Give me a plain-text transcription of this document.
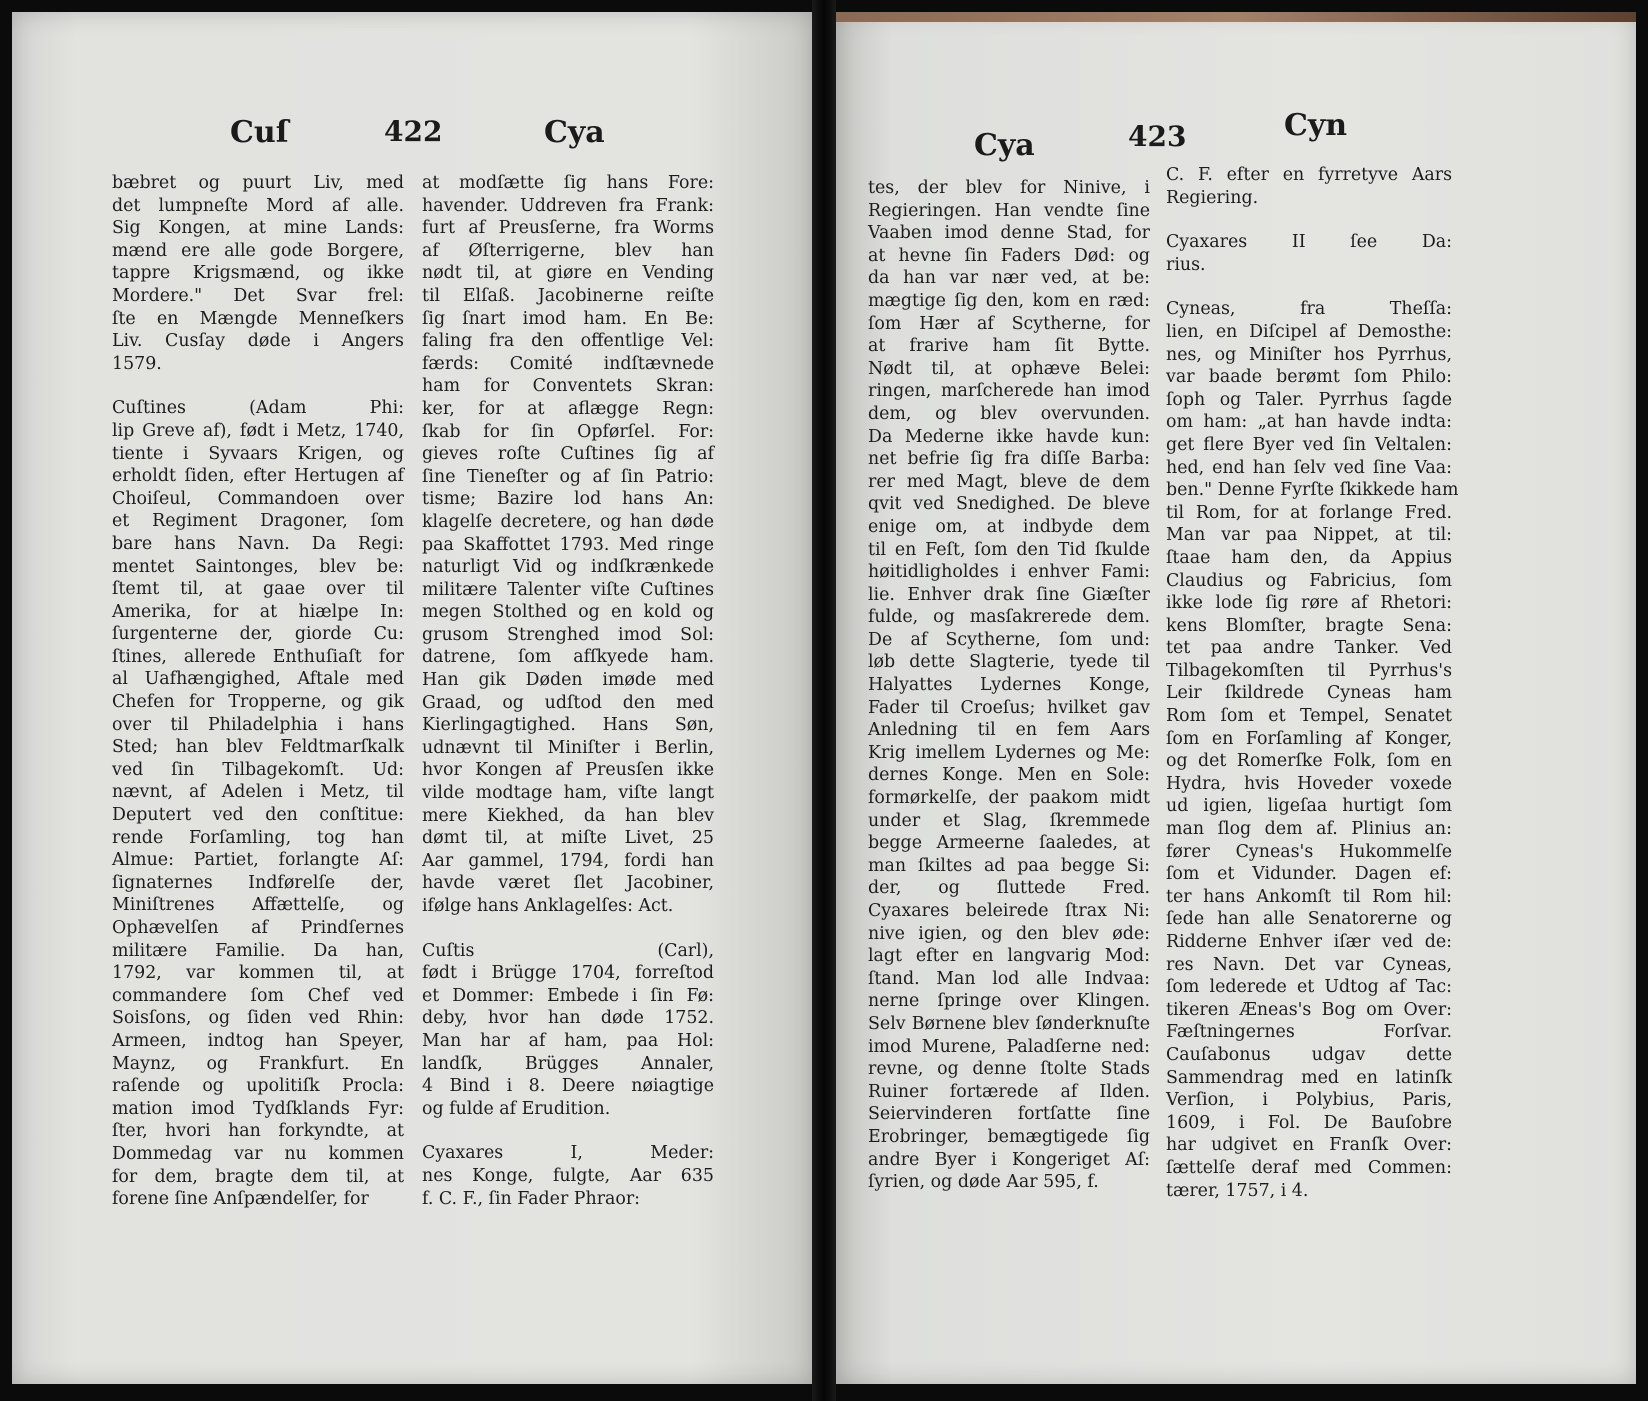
Cuſ	422	Cya
bæbret og puurt Liv, med
det lumpneſte Mord af alle.
Sig Kongen, at mine Lands:
mænd ere alle gode Borgere,
tappre Krigsmænd, og ikke
Mordere." Det Svar frel:
ſte en Mængde Menneſkers
Liv. Cusſay døde i Angers
1579.
Cuſtines (Adam Phi:
lip Greve af), født i Metz, 1740,
tiente i Syvaars Krigen, og
erholdt ſiden, efter Hertugen af
Choiſeul, Commandoen over
et Regiment Dragoner, ſom
bare hans Navn. Da Regi:
mentet Saintonges, blev be:
ſtemt til, at gaae over til
Amerika, for at hiælpe In:
ſurgenterne der, giorde Cu:
ſtines, allerede Enthuſiaſt for
al Uafhængighed, Aftale med
Chefen for Tropperne, og gik
over til Philadelphia i hans
Sted; han blev Feldtmarſkalk
ved ſin Tilbagekomſt. Ud:
nævnt, af Adelen i Metz, til
Deputert ved den conſtitue:
rende Forſamling, tog han
Almue: Partiet, forlangte Aſ:
ſignaternes Indførelſe der,
Miniſtrenes Affættelſe, og
Ophævelſen af Prindſernes
militære Familie. Da han,
1792, var kommen til, at
commandere ſom Chef ved
Soisſons, og ſiden ved Rhin:
Armeen, indtog han Speyer,
Maynz, og Frankfurt. En
raſende og upolitiſk Procla:
mation imod Tydſklands Fyr:
ſter, hvori han forkyndte, at
Dommedag var nu kommen
for dem, bragte dem til, at
forene ſine Anſpændelſer, for
at modſætte ſig hans Fore:
havender. Uddreven fra Frank:
furt af Preusſerne, fra Worms
af Øſterrigerne, blev han
nødt til, at giøre en Vending
til Elſaß. Jacobinerne reiſte
ſig ſnart imod ham. En Be:
faling fra den offentlige Vel:
færds: Comité indſtævnede
ham for Conventets Skran:
ker, for at aflægge Regn:
ſkab for ſin Opførſel. For:
gieves roſte Cuſtines ſig af
ſine Tieneſter og af ſin Patrio:
tisme; Bazire lod hans An:
klagelſe decretere, og han døde
paa Skaffottet 1793. Med ringe
naturligt Vid og indſkrænkede
militære Talenter viſte Cuſtines
megen Stolthed og en kold og
grusom Strenghed imod Sol:
datrene, ſom afſkyede ham.
Han gik Døden imøde med
Graad, og udſtod den med
Kierlingagtighed. Hans Søn,
udnævnt til Miniſter i Berlin,
hvor Kongen af Preusſen ikke
vilde modtage ham, viſte langt
mere Kiekhed, da han blev
dømt til, at miſte Livet, 25
Aar gammel, 1794, fordi han
havde været ſlet Jacobiner,
ifølge hans Anklagelſes: Act.
Cuſtis (Carl),
født i Brügge 1704, forreſtod
et Dommer: Embede i ſin Fø:
deby, hvor han døde 1752.
Man har af ham, paa Hol:
landſk, Brügges Annaler,
4 Bind i 8. Deere nøiagtige
og fulde af Erudition.
Cyaxares I, Meder:
nes Konge, fulgte, Aar 635
f. C. F., ſin Fader Phraor:
Cya	423	Cyn
tes, der blev for Ninive, i
Regieringen. Han vendte ſine
Vaaben imod denne Stad, for
at hevne ſin Faders Død: og
da han var nær ved, at be:
mægtige ſig den, kom en ræd:
ſom Hær af Scytherne, for
at frarive ham ſit Bytte.
Nødt til, at ophæve Belei:
ringen, marſcherede han imod
dem, og blev overvunden.
Da Mederne ikke havde kun:
net befrie ſig fra diſſe Barba:
rer med Magt, bleve de dem
qvit ved Snedighed. De bleve
enige om, at indbyde dem
til en Feſt, ſom den Tid ſkulde
høitidligholdes i enhver Fami:
lie. Enhver drak ſine Giæſter
fulde, og masſakrerede dem.
De af Scytherne, ſom und:
løb dette Slagterie, tyede til
Halyattes Lydernes Konge,
Fader til Croeſus; hvilket gav
Anledning til en fem Aars
Krig imellem Lydernes og Me:
dernes Konge. Men en Sole:
formørkelſe, der paakom midt
under et Slag, ſkremmede
begge Armeerne ſaaledes, at
man ſkiltes ad paa begge Si:
der, og ſluttede Fred.
Cyaxares beleirede ſtrax Ni:
nive igien, og den blev øde:
lagt efter en langvarig Mod:
ſtand. Man lod alle Indvaa:
nerne ſpringe over Klingen.
Selv Børnene blev ſønderknuſte
imod Murene, Paladſerne ned:
revne, og denne ſtolte Stads
Ruiner fortærede af Ilden.
Seiervinderen fortſatte ſine
Erobringer, bemægtigede ſig
andre Byer i Kongeriget Aſ:
ſyrien, og døde Aar 595, f.
C. F. efter en fyrretyve Aars
Regiering.
Cyaxares II ſee Da:
rius.
Cyneas, fra Theſſa:
lien, en Diſcipel af Demosthe:
nes, og Miniſter hos Pyrrhus,
var baade berømt ſom Philo:
ſoph og Taler. Pyrrhus ſagde
om ham: „at han havde indta:
get flere Byer ved ſin Veltalen:
hed, end han ſelv ved ſine Vaa:
ben." Denne Fyrſte ſkikkede ham
til Rom, for at forlange Fred.
Man var paa Nippet, at til:
ſtaae ham den, da Appius
Claudius og Fabricius, ſom
ikke lode ſig røre af Rhetori:
kens Blomſter, bragte Sena:
tet paa andre Tanker. Ved
Tilbagekomſten til Pyrrhus's
Leir ſkildrede Cyneas ham
Rom ſom et Tempel, Senatet
ſom en Forſamling af Konger,
og det Romerſke Folk, ſom en
Hydra, hvis Hoveder voxede
ud igien, ligeſaa hurtigt ſom
man ſlog dem af. Plinius an:
fører Cyneas's Hukommelſe
ſom et Vidunder. Dagen ef:
ter hans Ankomſt til Rom hil:
ſede han alle Senatorerne og
Ridderne Enhver iſær ved de:
res Navn. Det var Cyneas,
ſom lederede et Udtog af Tac:
tikeren Æneas's Bog om Over:
Fæſtningernes Forſvar.
Cauſabonus udgav dette
Sammendrag med en latinſk
Verſion, i Polybius, Paris,
1609, i Fol. De Bauſobre
har udgivet en Franſk Over:
ſættelſe deraf med Commen:
tærer, 1757, i 4.
